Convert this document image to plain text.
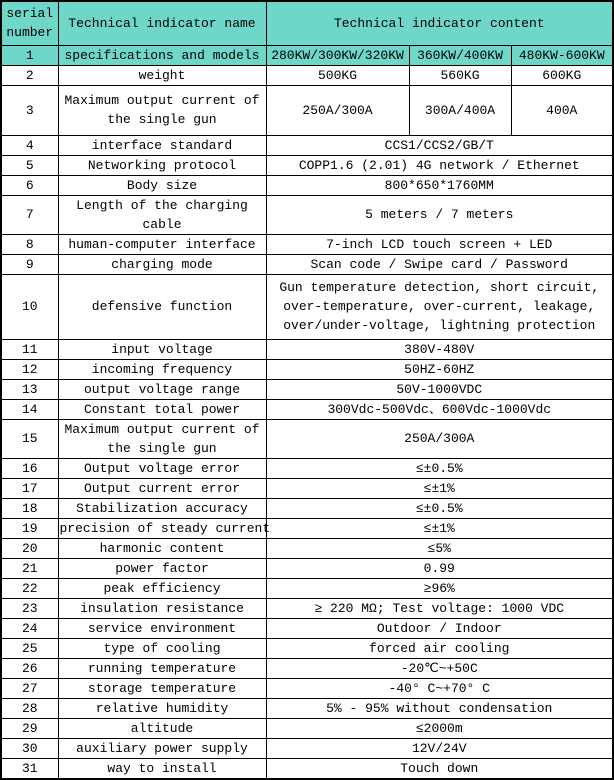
serial number	Technical indicator name	Technical indicator content		
1	specifications and models	280KW/300KW/320KW	360KW/400KW	480KW-600KW
2	weight	500KG	560KG	600KG
3	Maximum output current of the single gun	250A/300A	300A/400A	400A
4	interface standard	CCS1/CCS2/GB/T		
5	Networking protocol	COPP1.6 (2.01) 4G network / Ethernet		
6	Body size	800*650*1760MM		
7	Length of the charging cable	5 meters / 7 meters		
8	human-computer interface	7-inch LCD touch screen + LED		
9	charging mode	Scan code / Swipe card / Password		
10	defensive function	Gun temperature detection, short circuit, over-temperature, over-current, leakage, over/under-voltage, lightning protection		
11	input voltage	380V-480V		
12	incoming frequency	50HZ-60HZ		
13	output voltage range	50V-1000VDC		
14	Constant total power	300Vdc-500Vdc、600Vdc-1000Vdc		
15	Maximum output current of the single gun	250A/300A		
16	Output voltage error	≤±0.5%		
17	Output current error	≤±1%		
18	Stabilization accuracy	≤±0.5%		
19	precision of steady current	≤±1%		
20	harmonic content	≤5%		
21	power factor	0.99		
22	peak efficiency	≥96%		
23	insulation resistance	≥ 220 MΩ; Test voltage: 1000 VDC		
24	service environment	Outdoor / Indoor		
25	type of cooling	forced air cooling		
26	running temperature	-20℃~+50C		
27	storage temperature	-40° C~+70° C		
28	relative humidity	5% - 95% without condensation		
29	altitude	≤2000m		
30	auxiliary power supply	12V/24V		
31	way to install	Touch down		
